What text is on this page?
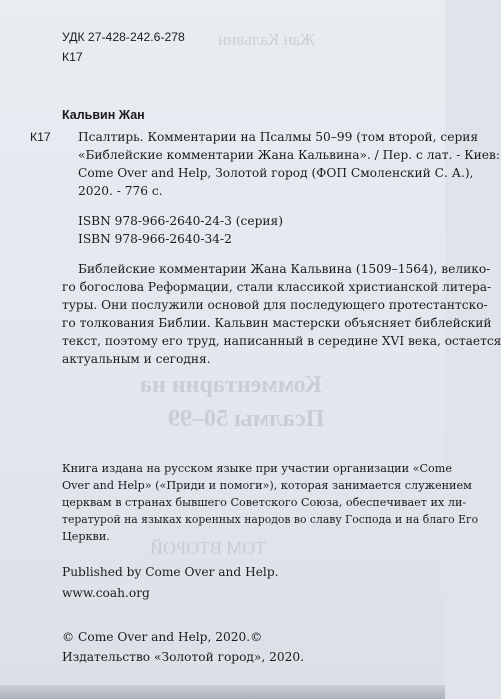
Жан Кальвин
Комментарии на
Псалмы 50–99
ТОМ ВТОРОЙ
УДК 27-428-242.6-278
К17
Кальвин Жан
К17 Псалтирь. Комментарии на Псалмы 50–99 (том второй, серия
«Библейские комментарии Жана Кальвина». / Пер. с лат. - Киев:
Come Over and Help, Золотой город (ФОП Смоленский С. А.),
2020. - 776 с.
ISBN 978-966-2640-24-3 (серия)
ISBN 978-966-2640-34-2
Библейские комментарии Жана Кальвина (1509–1564), велико-
го богослова Реформации, стали классикой христианской литера-
туры. Они послужили основой для последующего протестантско-
го толкования Библии. Кальвин мастерски объясняет библейский
текст, поэтому его труд, написанный в середине XVI века, остается
актуальным и сегодня.
Книга издана на русском языке при участии организации «Come
Over and Help» («Приди и помоги»), которая занимается служением
церквам в странах бывшего Советского Союза, обеспечивает их ли-
тературой на языках коренных народов во славу Господа и на благо Его
Церкви.
Published by Come Over and Help.
www.coah.org
© Come Over and Help, 2020.©
Издательство «Золотой город», 2020.
